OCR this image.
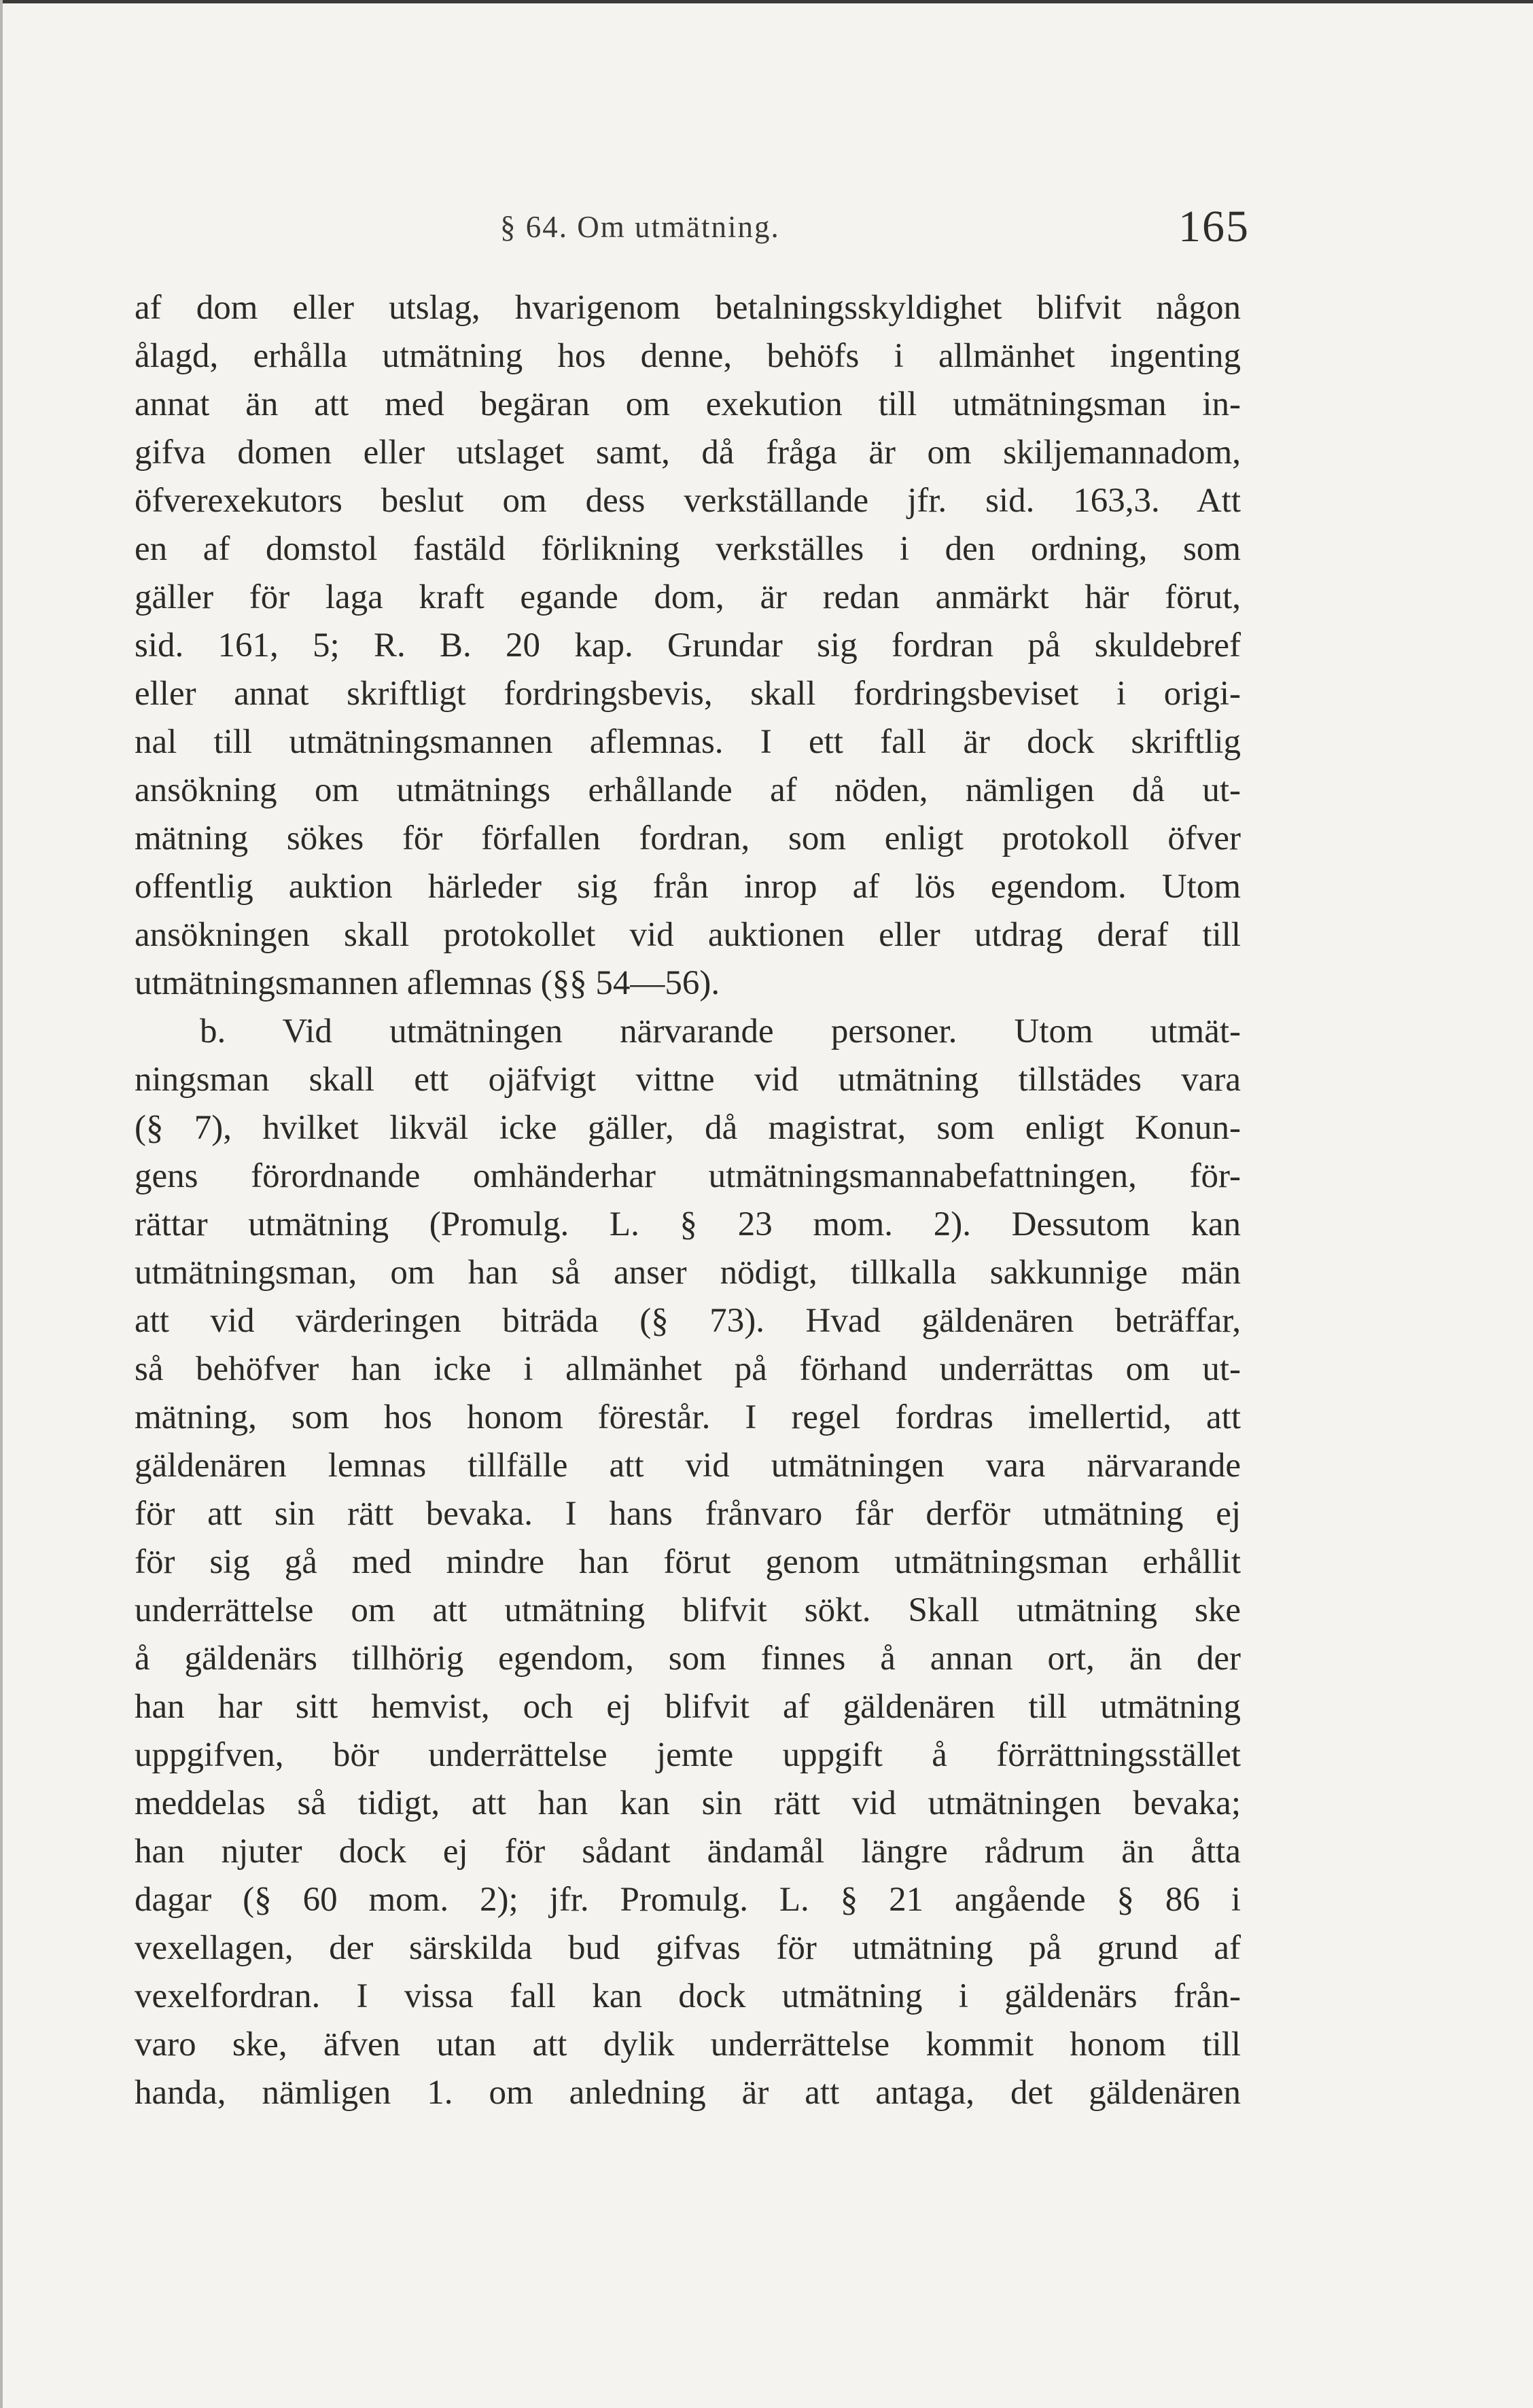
§ 64. Om utmätning.	165
af dom eller utslag, hvarigenom betalningsskyldighet blifvit någon
ålagd, erhålla utmätning hos denne, behöfs i allmänhet ingenting
annat än att med begäran om exekution till utmätningsman in-
gifva domen eller utslaget samt, då fråga är om skiljemannadom,
öfverexekutors beslut om dess verkställande jfr. sid. 163,3. Att
en af domstol fastäld förlikning verkställes i den ordning, som
gäller för laga kraft egande dom, är redan anmärkt här förut,
sid. 161, 5; R. B. 20 kap. Grundar sig fordran på skuldebref
eller annat skriftligt fordringsbevis, skall fordringsbeviset i origi-
nal till utmätningsmannen aflemnas. I ett fall är dock skriftlig
ansökning om utmätnings erhållande af nöden, nämligen då ut-
mätning sökes för förfallen fordran, som enligt protokoll öfver
offentlig auktion härleder sig från inrop af lös egendom. Utom
ansökningen skall protokollet vid auktionen eller utdrag deraf till
utmätningsmannen aflemnas (§§ 54—56).
b. Vid utmätningen närvarande personer. Utom utmät-
ningsman skall ett ojäfvigt vittne vid utmätning tillstädes vara
(§ 7), hvilket likväl icke gäller, då magistrat, som enligt Konun-
gens förordnande omhänderhar utmätningsmannabefattningen, för-
rättar utmätning (Promulg. L. § 23 mom. 2). Dessutom kan
utmätningsman, om han så anser nödigt, tillkalla sakkunnige män
att vid värderingen biträda (§ 73). Hvad gäldenären beträffar,
så behöfver han icke i allmänhet på förhand underrättas om ut-
mätning, som hos honom förestår. I regel fordras imellertid, att
gäldenären lemnas tillfälle att vid utmätningen vara närvarande
för att sin rätt bevaka. I hans frånvaro får derför utmätning ej
för sig gå med mindre han förut genom utmätningsman erhållit
underrättelse om att utmätning blifvit sökt. Skall utmätning ske
å gäldenärs tillhörig egendom, som finnes å annan ort, än der
han har sitt hemvist, och ej blifvit af gäldenären till utmätning
uppgifven, bör underrättelse jemte uppgift å förrättningsstället
meddelas så tidigt, att han kan sin rätt vid utmätningen bevaka;
han njuter dock ej för sådant ändamål längre rådrum än åtta
dagar (§ 60 mom. 2); jfr. Promulg. L. § 21 angående § 86 i
vexellagen, der särskilda bud gifvas för utmätning på grund af
vexelfordran. I vissa fall kan dock utmätning i gäldenärs från-
varo ske, äfven utan att dylik underrättelse kommit honom till
handa, nämligen 1. om anledning är att antaga, det gäldenären
